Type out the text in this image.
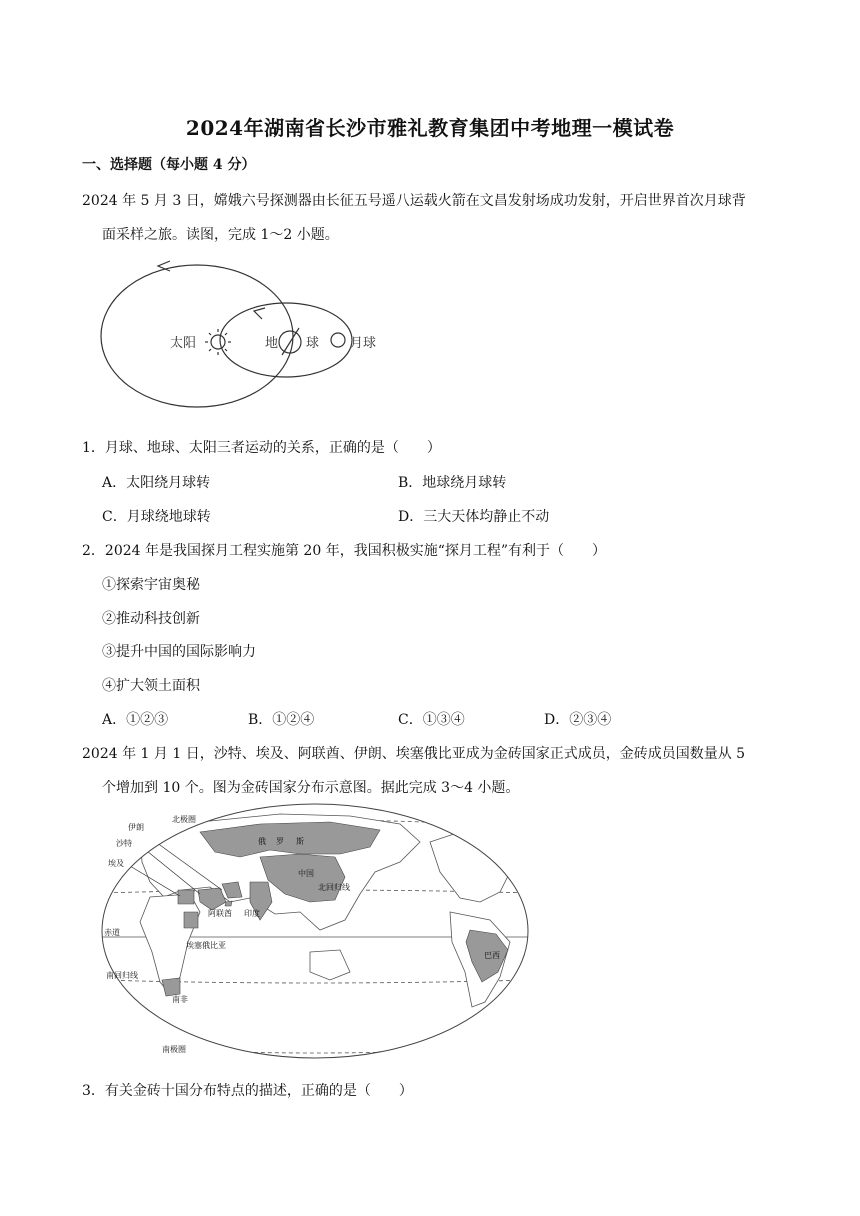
2024年湖南省长沙市雅礼教育集团中考地理一模试卷
一、选择题（每小题 4 分）
2024 年 5 月 3 日，嫦娥六号探测器由长征五号遥八运载火箭在文昌发射场成功发射，开启世界首次月球背
面采样之旅。读图，完成 1～2 小题。
太阳	地 球 月球
1．月球、地球、太阳三者运动的关系，正确的是（　　）
A．太阳绕月球转	B．地球绕月球转
C．月球绕地球转	D．三大天体均静止不动
2．2024 年是我国探月工程实施第 20 年，我国积极实施“探月工程”有利于（　　）
①探索宇宙奥秘
②推动科技创新
③提升中国的国际影响力
④扩大领土面积
A．①②③	B．①②④	C．①③④	D．②③④
2024 年 1 月 1 日，沙特、埃及、阿联酋、伊朗、埃塞俄比亚成为金砖国家正式成员，金砖成员国数量从 5
个增加到 10 个。图为金砖国家分布示意图。据此完成 3～4 小题。
北极圈
伊朗
沙特
埃及
俄 罗 斯
中国
北回归线
阿联酋 印度
赤道
埃塞俄比亚
巴西
南回归线
南非
南极圈
3．有关金砖十国分布特点的描述，正确的是（　　）
